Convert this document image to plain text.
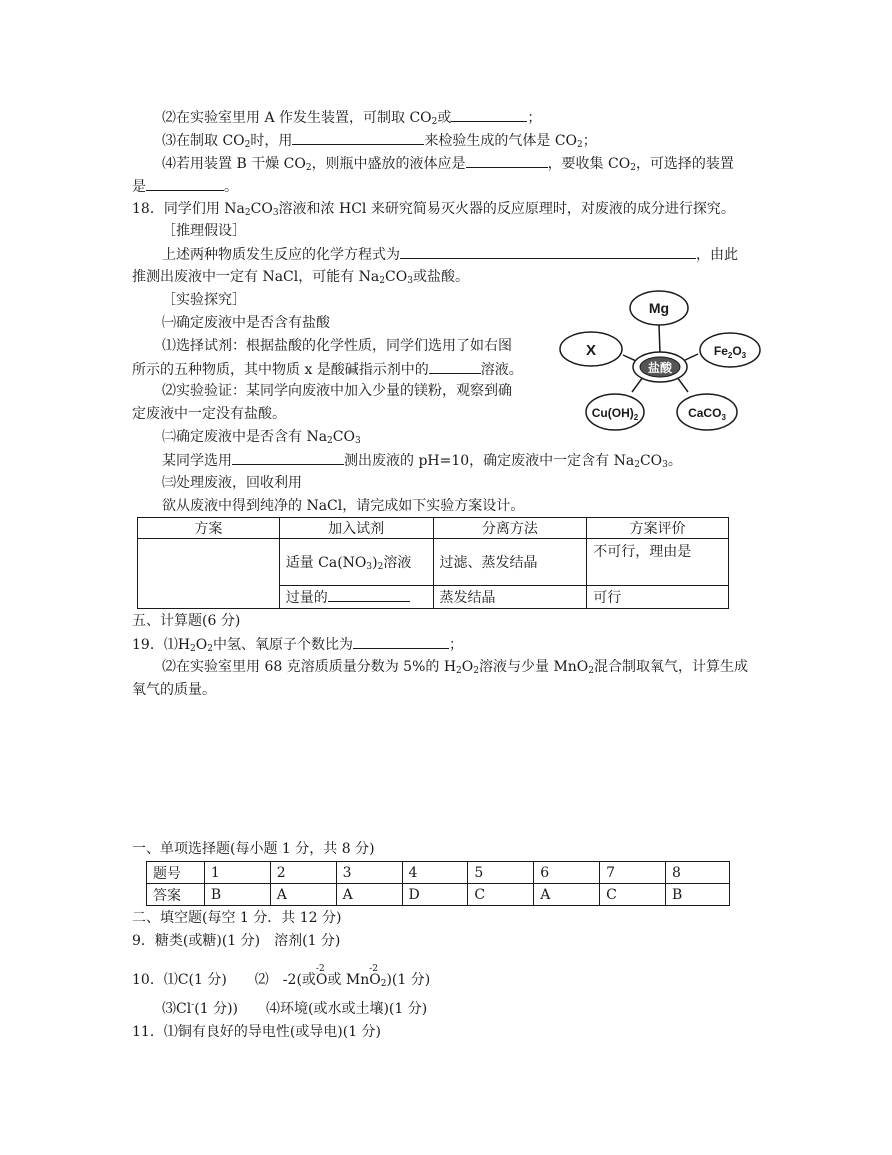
⑵在实验室里用 A 作发生装置，可制取 $CO_2$或	；
⑶在制取 $CO_2$时，用	来检验生成的气体是 $CO_2$；
⑷若用装置 B 干燥 $CO_2$，则瓶中盛放的液体应是	，要收集 $CO_2$，可选择的装置
是	。
18．同学们用 $Na_2CO_3$溶液和浓 HCl 来研究简易灭火器的反应原理时，对废液的成分进行探究。
［推理假设］
上述两种物质发生反应的化学方程式为	，由此
推测出废液中一定有 NaCl，可能有 $Na_2CO_3$或盐酸。
［实验探究］
㈠确定废液中是否含有盐酸
⑴选择试剂：根据盐酸的化学性质，同学们选用了如右图
所示的五种物质，其中物质 x 是酸碱指示剂中的	溶液。
⑵实验验证：某同学向废液中加入少量的镁粉，观察到确
定废液中一定没有盐酸。
㈡确定废液中是否含有 $Na_2CO_3$
某同学选用	测出废液的 pH=10，确定废液中一定含有 $Na_2CO_3$。
㈢处理废液，回收利用
欲从废液中得到纯净的 NaCl，请完成如下实验方案设计。
Mg
$Fe_2O_3$
CaCO$_3$
$Cu(OH)_2$
X
盐酸
方案	加入试剂	分离方法	方案评价
	适量 $Ca(NO_3)_2$溶液	过滤、蒸发结晶	不可行，理由是
	过量的	蒸发结晶	可行
五、计算题(6 分)
19．$⑴H_2O_2$中氢、氧原子个数比为	；
⑵在实验室里用 68 克溶质质量分数为 5%的 $H_2O_2$溶液与少量 MnO$_2$混合制取氧气，计算生成
氧气的质量。
一、单项选择题(每小题 1 分，共 8 分)
题号	1	2	3	4	5	6	7	8
答案	B	A	A	D	C	A	C	B
二、填空题(每空 1 分．共 12 分)
9．糖类(或糖)(1 分)　溶剂(1 分)
10．⑴C(1 分)　　⑵　-2(或
-2
O或 Mn
-2
$O_2)(1$ 分)
⑶Cl-(1 分))　　⑷环境(或水或土壤)(1 分)
11．⑴铜有良好的导电性(或导电)(1 分)
